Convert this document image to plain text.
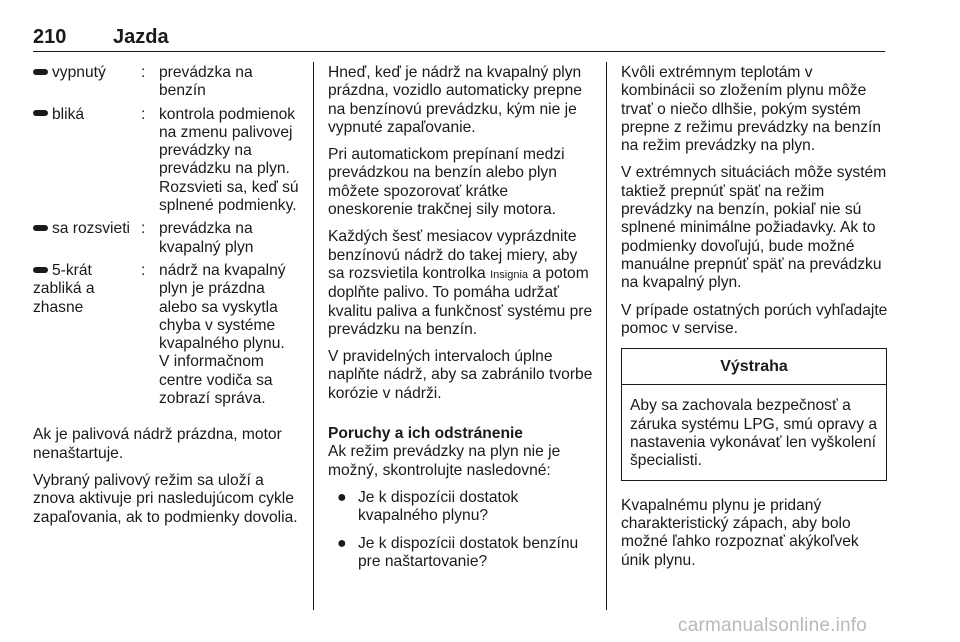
210 Jazda
vypnutý	: prevádzka na benzín
bliká	: kontrola podmienok na zmenu palivovej prevádzky na prevádzku na plyn. Rozsvieti sa, keď sú splnené podmienky.
sa rozsvieti : prevádzka na kvapalný plyn
5-krát zabliká a zhasne
: nádrž na kvapalný plyn je prázdna alebo sa vyskytla chyba v systéme kvapalného plynu. V informačnom centre vodiča sa zobrazí správa.

Ak je palivová nádrž prázdna, motor nenaštartuje.

Vybraný palivový režim sa uloží a znova aktivuje pri nasledujúcom cykle zapaľovania, ak to podmienky dovolia.

Hneď, keď je nádrž na kvapalný plyn prázdna, vozidlo automaticky prepne na benzínovú prevádzku, kým nie je vypnuté zapaľovanie.

Pri automatickom prepínaní medzi prevádzkou na benzín alebo plyn môžete spozorovať krátke oneskorenie trakčnej sily motora.

Každých šesť mesiacov vyprázdnite benzínovú nádrž do takej miery, aby sa rozsvietila kontrolka Insignia a potom doplňte palivo. To pomáha udržať kvalitu paliva a funkčnosť systému pre prevádzku na benzín.

V pravidelných intervaloch úplne naplňte nádrž, aby sa zabránilo tvorbe korózie v nádrži.

Poruchy a ich odstránenie

Ak režim prevádzky na plyn nie je možný, skontrolujte nasledovné:

● Je k dispozícii dostatok kvapalného plynu?
● Je k dispozícii dostatok benzínu pre naštartovanie?

Kvôli extrémnym teplotám v kombinácii so zložením plynu môže trvať o niečo dlhšie, pokým systém prepne z režimu prevádzky na benzín na režim prevádzky na plyn.

V extrémnych situáciách môže systém taktiež prepnúť späť na režim prevádzky na benzín, pokiaľ nie sú splnené minimálne požiadavky. Ak to podmienky dovoľujú, bude možné manuálne prepnúť späť na prevádzku na kvapalný plyn.

V prípade ostatných porúch vyhľadajte pomoc v servise.

Výstraha
Aby sa zachovala bezpečnosť a záruka systému LPG, smú opravy a nastavenia vykonávať len vyškolení špecialisti.

Kvapalnému plynu je pridaný charakteristický zápach, aby bolo možné ľahko rozpoznať akýkoľvek únik plynu.

carmanualsonline.info
